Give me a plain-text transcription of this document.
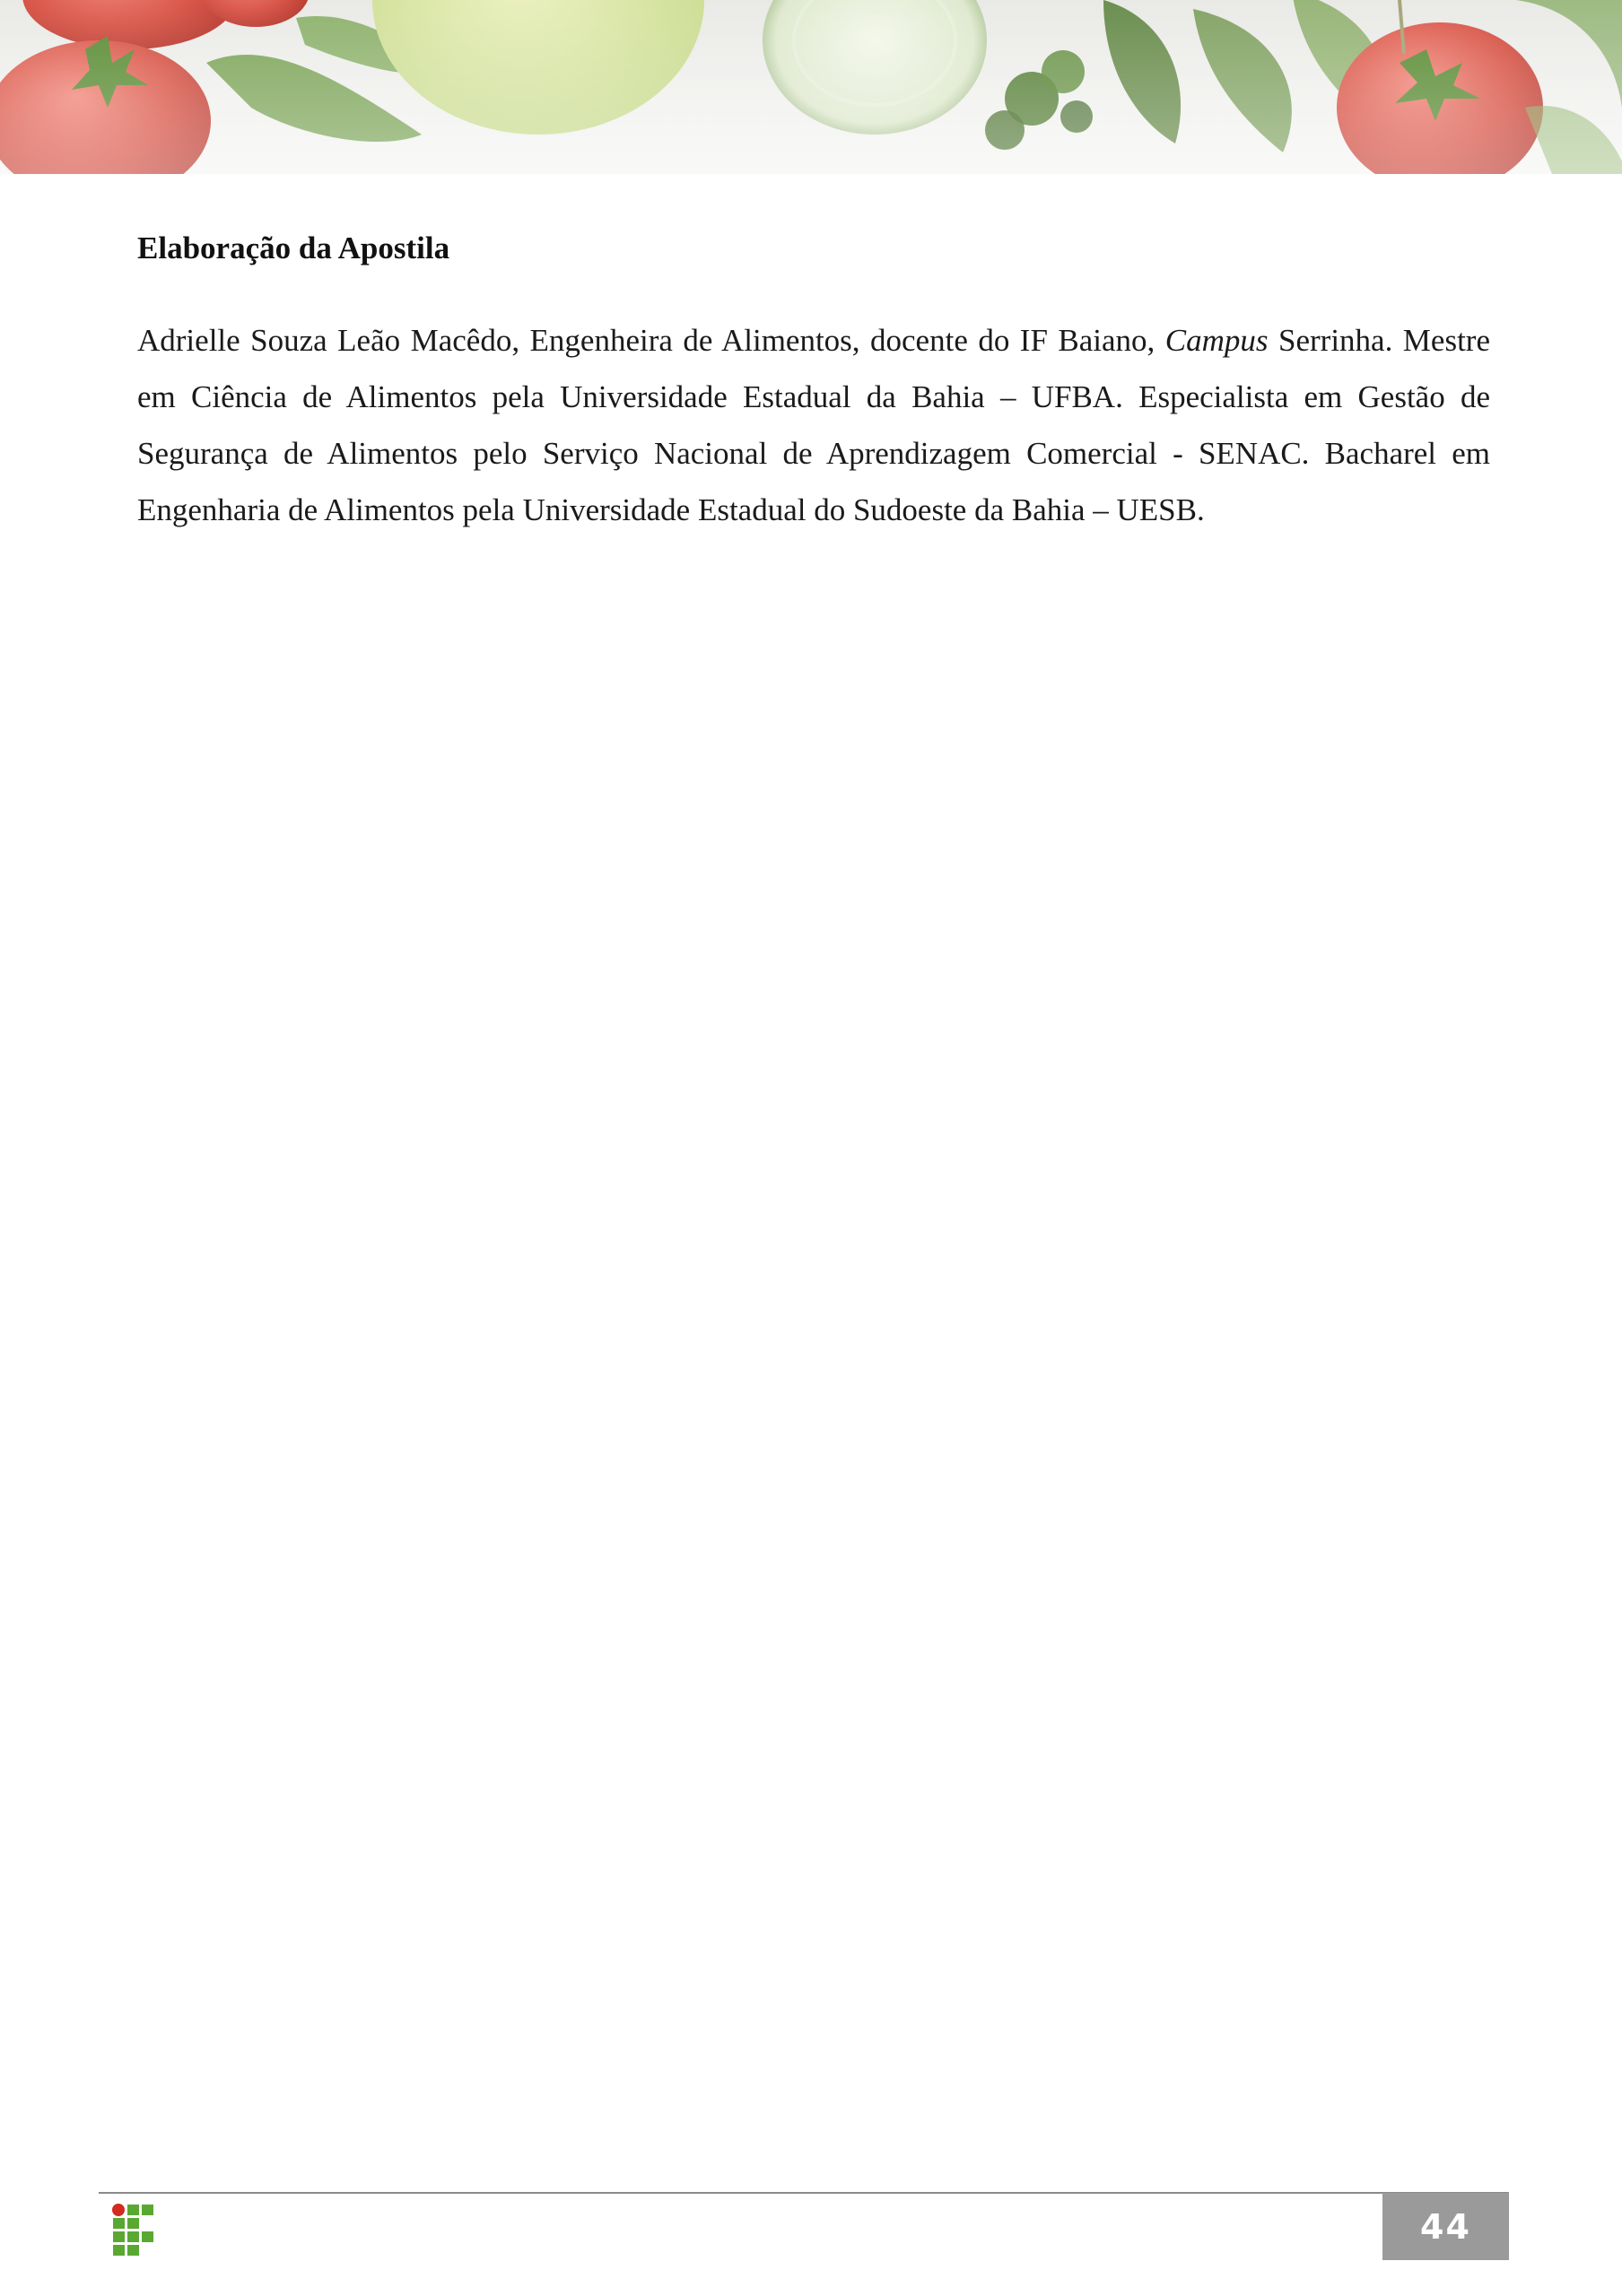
Elaboração da Apostila

Adrielle Souza Leão Macêdo, Engenheira de Alimentos, docente do IF Baiano, Campus Serrinha. Mestre em Ciência de Alimentos pela Universidade Estadual da Bahia – UFBA. Especialista em Gestão de Segurança de Alimentos pelo Serviço Nacional de Aprendizagem Comercial - SENAC. Bacharel em Engenharia de Alimentos pela Universidade Estadual do Sudoeste da Bahia – UESB.

44
